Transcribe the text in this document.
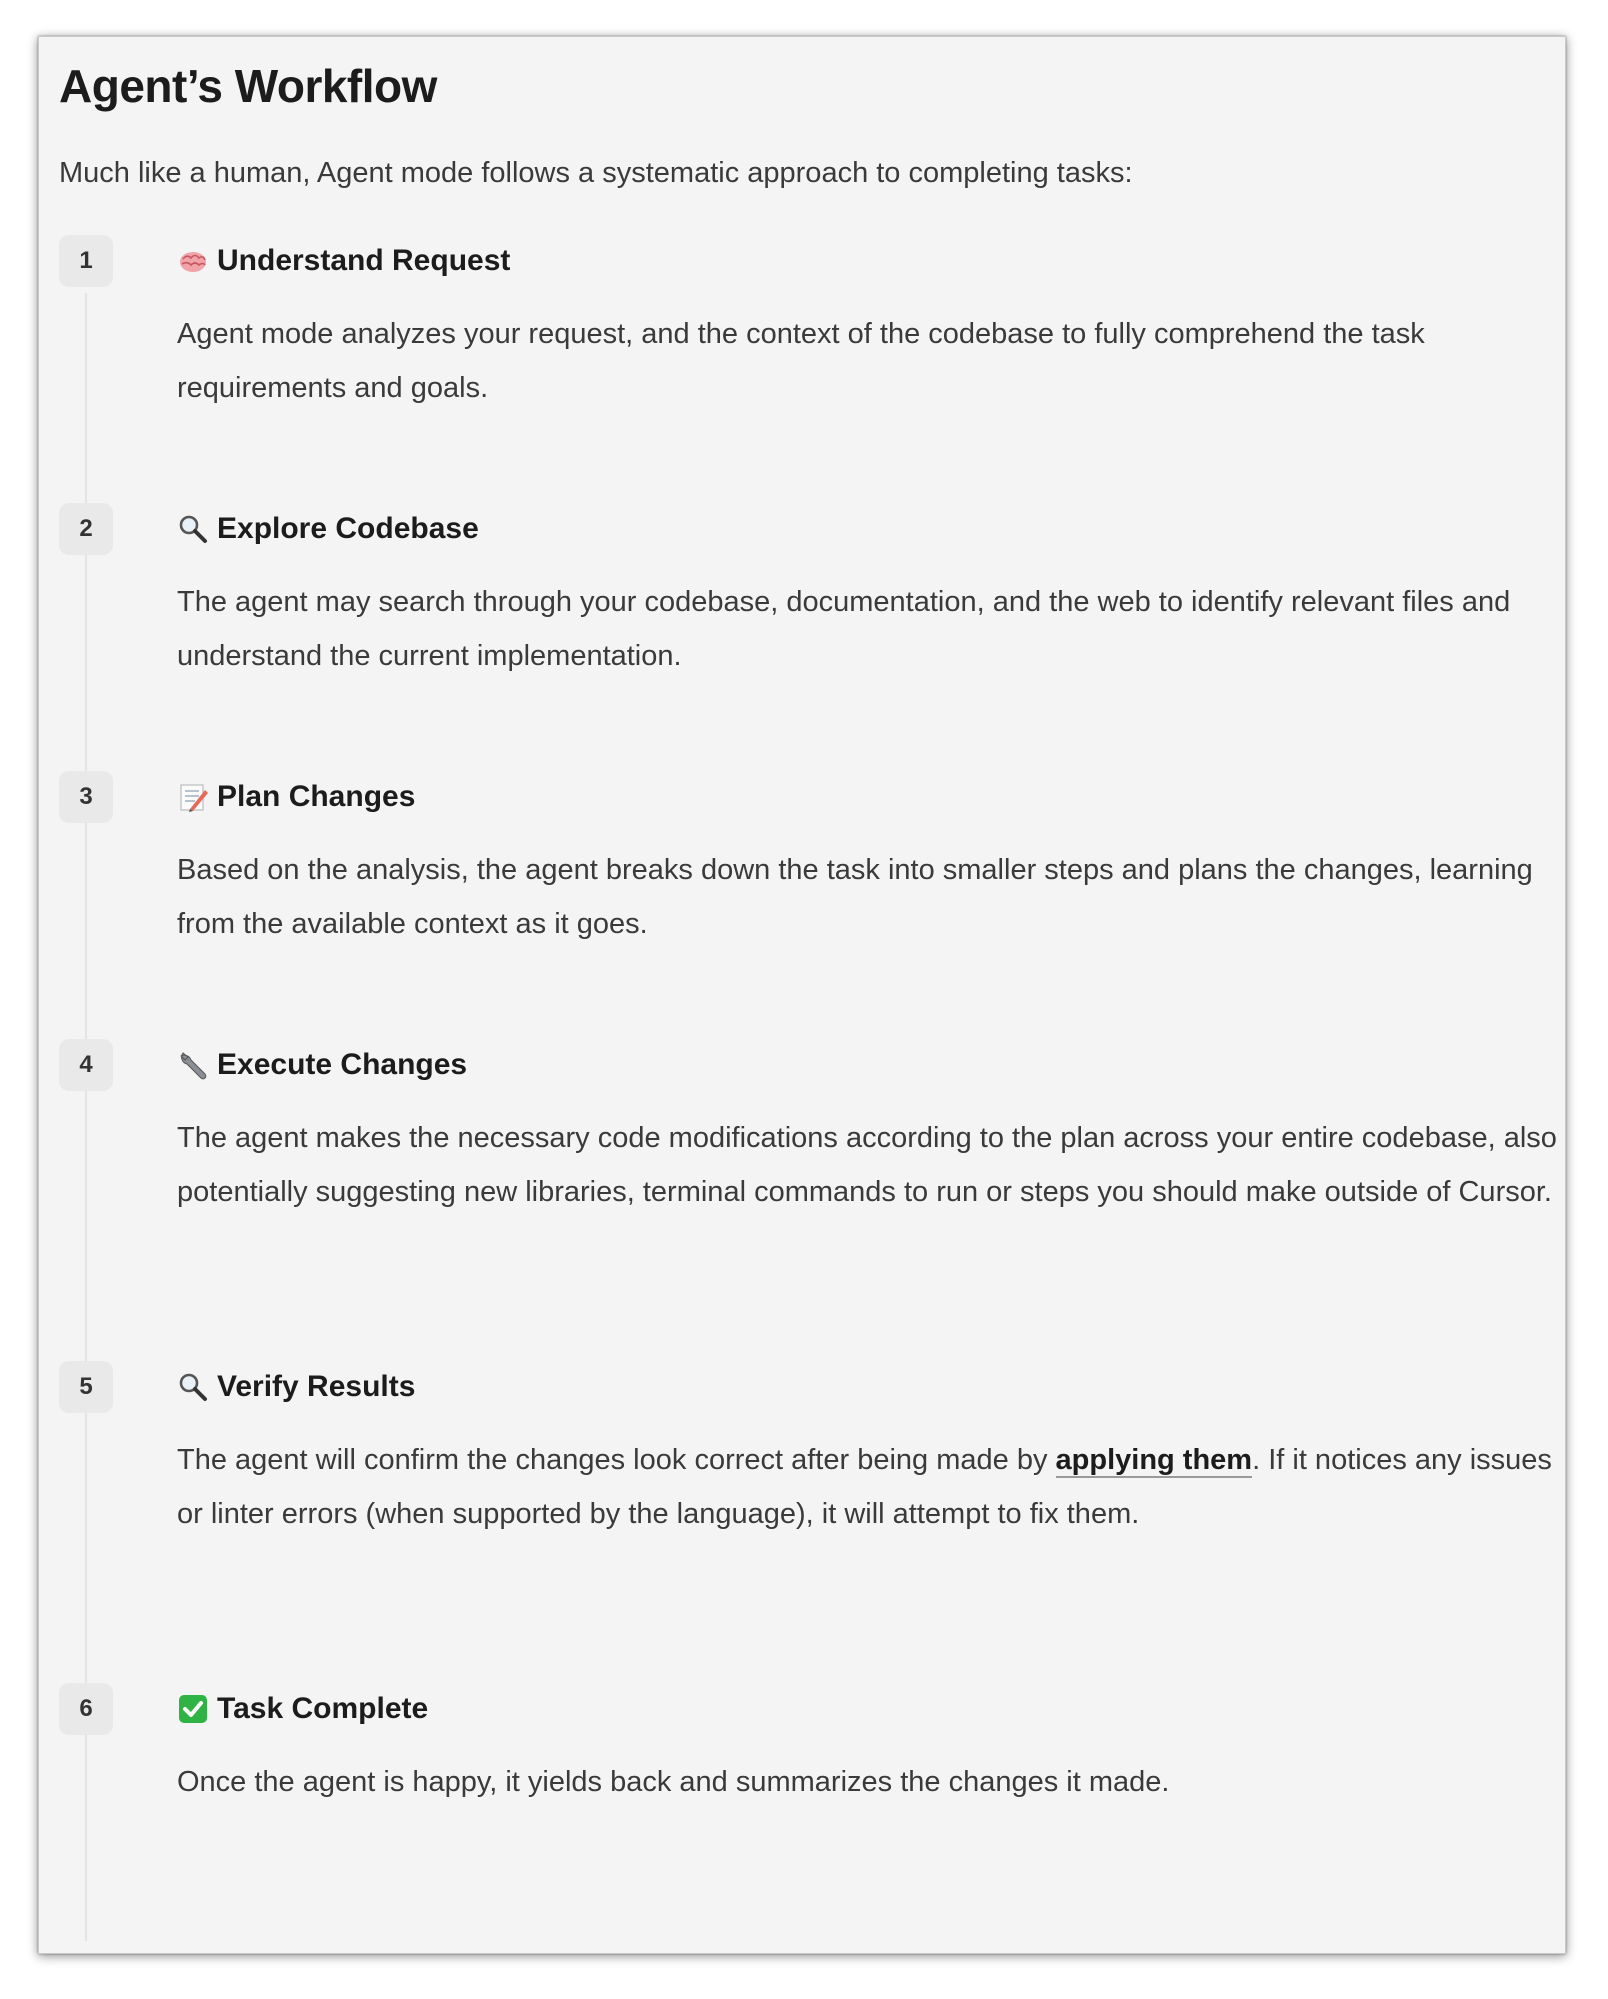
Agent’s Workflow

Much like a human, Agent mode follows a systematic approach to completing tasks:

1	Understand Request

Agent mode analyzes your request, and the context of the codebase to fully comprehend the task requirements and goals.

2	Explore Codebase

The agent may search through your codebase, documentation, and the web to identify relevant files and understand the current implementation.

3	Plan Changes

Based on the analysis, the agent breaks down the task into smaller steps and plans the changes, learning from the available context as it goes.

4	Execute Changes

The agent makes the necessary code modifications according to the plan across your entire codebase, also potentially suggesting new libraries, terminal commands to run or steps you should make outside of Cursor.

5	Verify Results

The agent will confirm the changes look correct after being made by applying them. If it notices any issues or linter errors (when supported by the language), it will attempt to fix them.

6	Task Complete

Once the agent is happy, it yields back and summarizes the changes it made.
